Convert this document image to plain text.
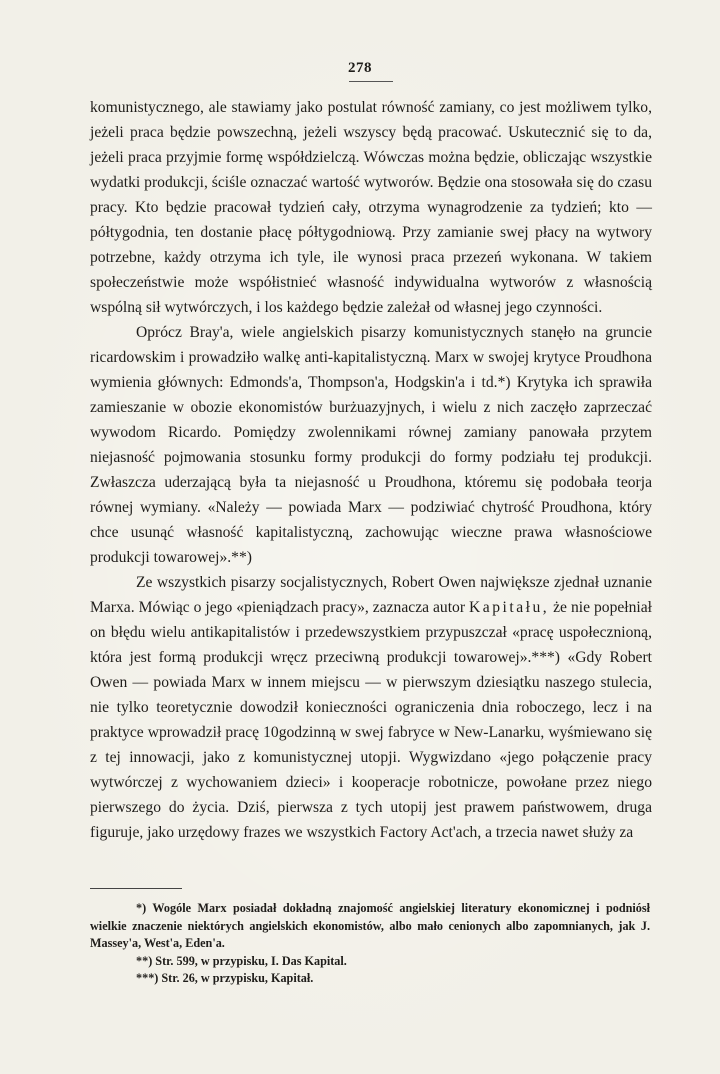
278

komunistycznego, ale stawiamy jako postulat równość zamiany, co jest możliwem tylko, jeżeli praca będzie powszechną, jeżeli wszyscy będą pracować. Uskutecznić się to da, jeżeli praca przyjmie formę współdzielczą. Wówczas można będzie, obliczając wszystkie wydatki produkcji, ściśle oznaczać wartość wytworów. Będzie ona stosowała się do czasu pracy. Kto będzie pracował tydzień cały, otrzyma wynagrodzenie za tydzień; kto — półtygodnia, ten dostanie płacę półtygodniową. Przy zamianie swej płacy na wytwory potrzebne, każdy otrzyma ich tyle, ile wynosi praca przezeń wykonana. W takiem społeczeństwie może współistnieć własność indywidualna wytworów z własnością wspólną sił wytwórczych, i los każdego będzie zależał od własnej jego czynności.

Oprócz Bray'a, wiele angielskich pisarzy komunistycznych stanęło na gruncie ricardowskim i prowadziło walkę anti-kapitalistyczną. Marx w swojej krytyce Proudhona wymienia głównych: Edmonds'a, Thompson'a, Hodgskin'a i td.*) Krytyka ich sprawiła zamieszanie w obozie ekonomistów burżuazyjnych, i wielu z nich zaczęło zaprzeczać wywodom Ricardo. Pomiędzy zwolennikami równej zamiany panowała przytem niejasność pojmowania stosunku formy produkcji do formy podziału tej produkcji. Zwłaszcza uderzającą była ta niejasność u Proudhona, któremu się podobała teorja równej wymiany. «Należy — powiada Marx — podziwiać chytrość Proudhona, który chce usunąć własność kapitalistyczną, zachowując wieczne prawa własnościowe produkcji towarowej».**)

Ze wszystkich pisarzy socjalistycznych, Robert Owen największe zjednał uznanie Marxa. Mówiąc o jego «pieniądzach pracy», zaznacza autor Kapitału, że nie popełniał on błędu wielu antikapitalistów i przedewszystkiem przypuszczał «pracę uspołecznioną, która jest formą produkcji wręcz przeciwną produkcji towarowej».***) «Gdy Robert Owen — powiada Marx w innem miejscu — w pierwszym dziesiątku naszego stulecia, nie tylko teoretycznie dowodził konieczności ograniczenia dnia roboczego, lecz i na praktyce wprowadził pracę 10godzinną w swej fabryce w New-Lanarku, wyśmiewano się z tej innowacji, jako z komunistycznej utopji. Wygwizdano «jego połączenie pracy wytwórczej z wychowaniem dzieci» i kooperacje robotnicze, powołane przez niego pierwszego do życia. Dziś, pierwsza z tych utopij jest prawem państwowem, druga figuruje, jako urzędowy frazes we wszystkich Factory Act'ach, a trzecia nawet służy za

*) Wogóle Marx posiadał dokładną znajomość angielskiej literatury ekonomicznej i podniósł wielkie znaczenie niektórych angielskich ekonomistów, albo mało cenionych albo zapomnianych, jak J. Massey'a, West'a, Eden'a.

**) Str. 599, w przypisku, I. Das Kapital.

***) Str. 26, w przypisku, Kapitał.
